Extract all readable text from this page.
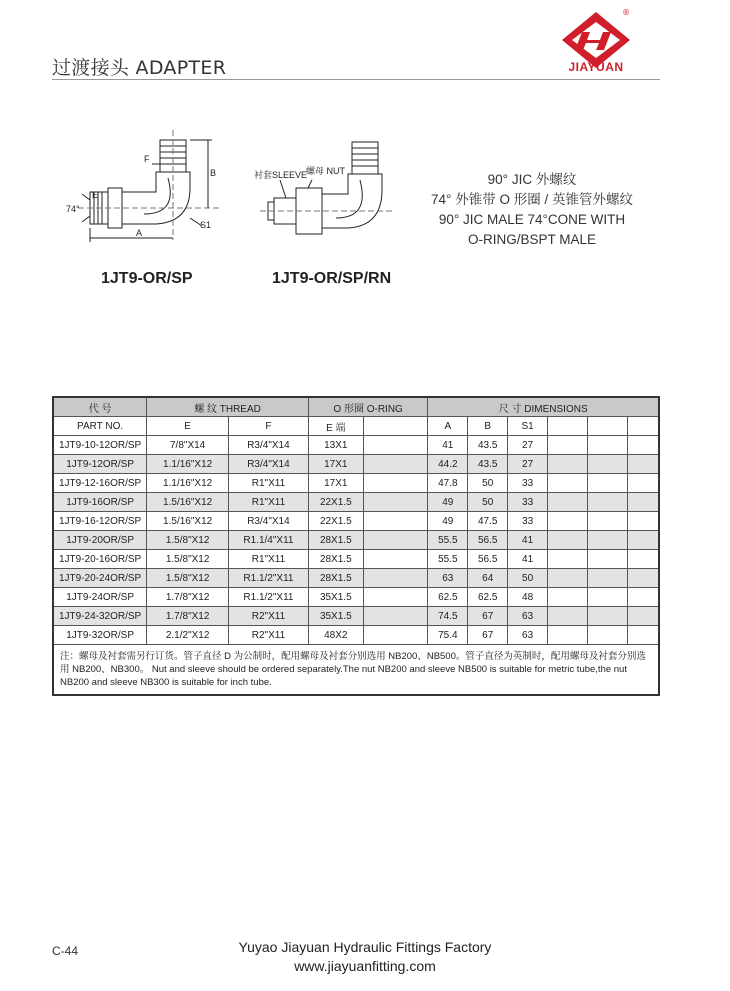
过渡接头 ADAPTER
®
JIAYUAN
F
B
E
74°
A
S1
衬套SLEEVE
螺母 NUT
1JT9-OR/SP	1JT9-OR/SP/RN
90° JIC 外螺纹
74° 外锥带 O 形圈 / 英锥管外螺纹
90° JIC MALE 74°CONE WITH
O-RING/BSPT MALE
代 号	螺 纹 THREAD		O 形圈 O-RING		尺 寸 DIMENSIONS					
PART NO.	E	F	E 端		A	B	S1			
1JT9-10-12OR/SP	7/8"X14	R3/4"X14	13X1		41	43.5	27			
1JT9-12OR/SP	1.1/16"X12	R3/4"X14	17X1		44.2	43.5	27			
1JT9-12-16OR/SP	1.1/16"X12	R1"X11	17X1		47.8	50	33			
1JT9-16OR/SP	1.5/16"X12	R1"X11	22X1.5		49	50	33			
1JT9-16-12OR/SP	1.5/16"X12	R3/4"X14	22X1.5		49	47.5	33			
1JT9-20OR/SP	1.5/8"X12	R1.1/4"X11	28X1.5		55.5	56.5	41			
1JT9-20-16OR/SP	1.5/8"X12	R1"X11	28X1.5		55.5	56.5	41			
1JT9-20-24OR/SP	1.5/8"X12	R1.1/2"X11	28X1.5		63	64	50			
1JT9-24OR/SP	1.7/8"X12	R1.1/2"X11	35X1.5		62.5	62.5	48			
1JT9-24-32OR/SP	1.7/8"X12	R2"X11	35X1.5		74.5	67	63			
1JT9-32OR/SP	2.1/2"X12	R2"X11	48X2		75.4	67	63			
注：螺母及衬套需另行订货。管子直径 D 为公制时，配用螺母及衬套分别选用 NB200、NB500。管子直径为英制时，配用螺母及衬套分别选用 NB200、NB300。 Nut and sleeve should be ordered separately.The nut NB200 and sleeve NB500 is suitable for metric tube,the nut NB200 and sleeve NB300 is suitable for inch tube.										
C-44	Yuyao Jiayuan Hydraulic Fittings Factory
www.jiayuanfitting.com
